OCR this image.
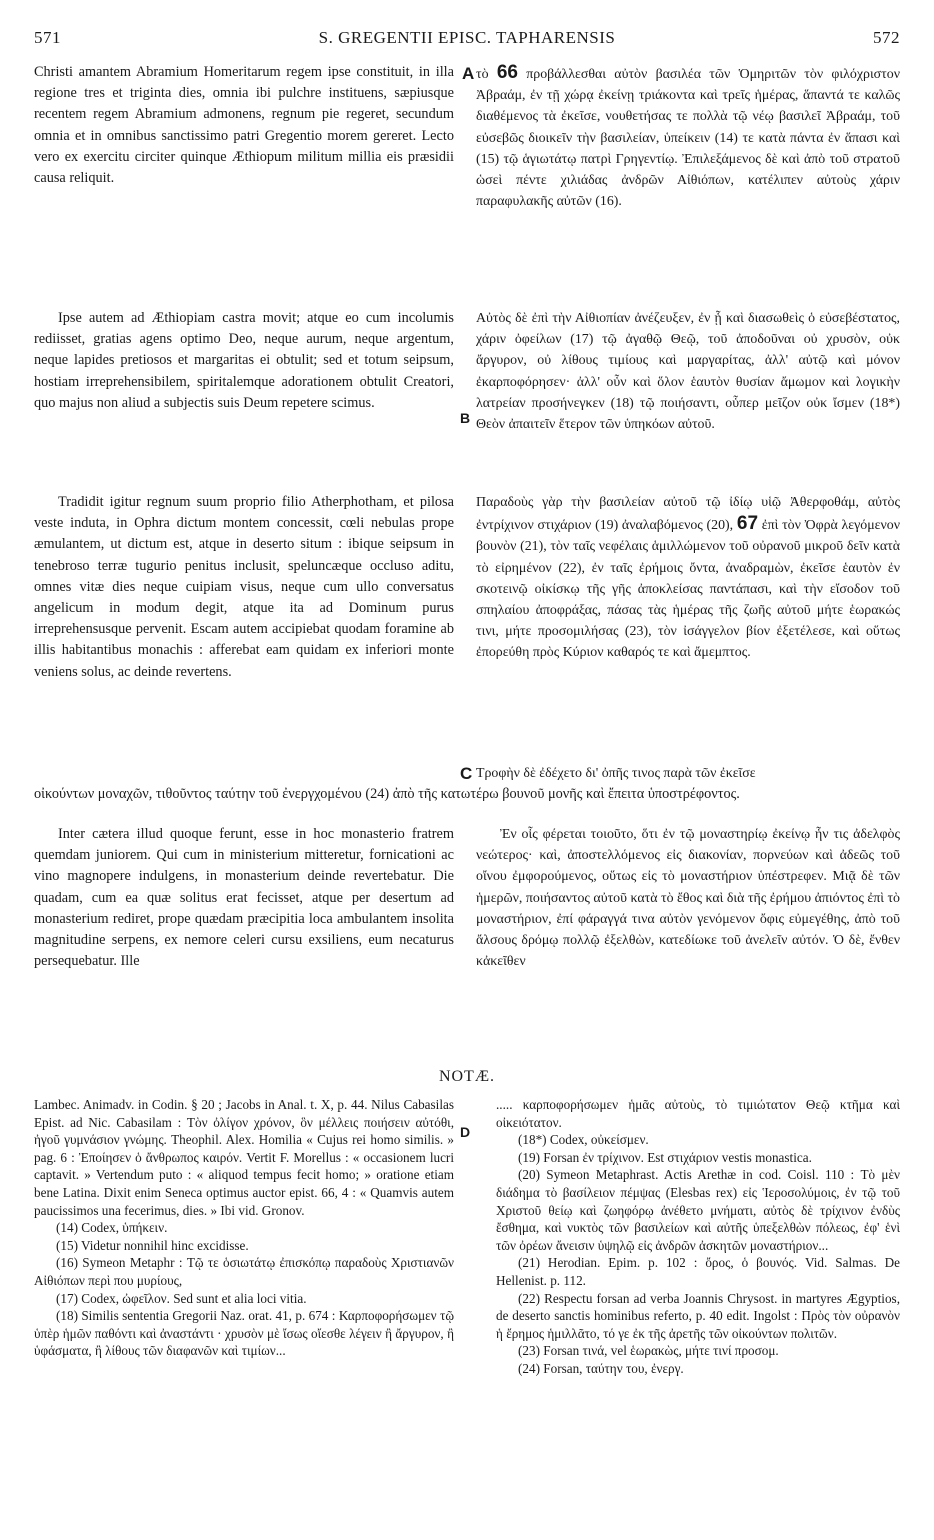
571	S. GREGENTII EPISC. TAPHARENSIS	572

Christi amantem Abramium Homeritarum regem ipse constituit, in illa regione tres et triginta dies, omnia ibi pulchre instituens, sæpiusque recentem regem Abramium admonens, regnum pie regeret, secundum omnia et in omnibus sanctissimo patri Gregentio morem gereret. Lecto vero ex exercitu circiter quinque Æthiopum militum millia eis præsidii causa reliquit.

Ipse autem ad Æthiopiam castra movit; atque eo cum incolumis rediisset, gratias agens optimo Deo, neque aurum, neque argentum, neque lapides pretiosos et margaritas ei obtulit; sed et totum seipsum, hostiam irreprehensibilem, spiritalemque adorationem obtulit Creatori, quo majus non aliud a subjectis suis Deum repetere scimus.

Tradidit igitur regnum suum proprio filio Atherphotham, et pilosa veste induta, in Ophra dictum montem concessit, cœli nebulas prope æmulantem, ut dictum est, atque in deserto situm : ibique seipsum in tenebroso terræ tugurio penitus inclusit, speluncæque occluso aditu, omnes vitæ dies neque cuipiam visus, neque cum ullo conversatus angelicum in modum degit, atque ita ad Dominum purus irreprehensusque pervenit. Escam autem accipiebat quodam foramine ab illis habitantibus monachis : afferebat eam quidam ex inferiori monte veniens solus, ac deinde revertens.

Inter cætera illud quoque ferunt, esse in hoc monasterio fratrem quemdam juniorem. Qui cum in ministerium mitteretur, fornicationi ac vino magnopere indulgens, in monasterium deinde revertebatur. Die quadam, cum ea quæ solitus erat fecisset, atque per desertum ad monasterium rediret, prope quædam præcipitia loca ambulantem insolita magnitudine serpens, ex nemore celeri cursu exsiliens, eum necaturus persequebatur. Ille

A
B
C
D

τὸ 66 προβάλλεσθαι αὐτὸν βασιλέα τῶν Ὁμηριτῶν τὸν φιλόχριστον Ἀβραάμ, ἐν τῇ χώρᾳ ἐκείνῃ τριάκοντα καὶ τρεῖς ἡμέρας, ἅπαντά τε καλῶς διαθέμενος τὰ ἐκεῖσε, νουθετήσας τε πολλὰ τῷ νέῳ βασιλεῖ Ἀβραάμ, τοῦ εὐσεβῶς διοικεῖν τὴν βασιλείαν, ὑπείκειν (14) τε κατὰ πάντα ἐν ἅπασι καὶ (15) τῷ ἁγιωτάτῳ πατρὶ Γρηγεντίῳ. Ἐπιλεξάμενος δὲ καὶ ἀπὸ τοῦ στρατοῦ ὡσεὶ πέντε χιλιάδας ἀνδρῶν Αἰθιόπων, κατέλιπεν αὐτοὺς χάριν παραφυλακῆς αὐτῶν (16).

Αὐτὸς δὲ ἐπὶ τὴν Αἰθιοπίαν ἀνέζευξεν, ἐν ᾗ καὶ διασωθεὶς ὁ εὐσεβέστατος, χάριν ὀφείλων (17) τῷ ἀγαθῷ Θεῷ, τοῦ ἀποδοῦναι οὐ χρυσὸν, οὐκ ἄργυρον, οὐ λίθους τιμίους καὶ μαργαρίτας, ἀλλ' αὐτῷ καὶ μόνον ἐκαρποφόρησεν· ἀλλ' οὖν καὶ ὅλον ἑαυτὸν θυσίαν ἄμωμον καὶ λογικὴν λατρείαν προσήνεγκεν (18) τῷ ποιήσαντι, οὗπερ μεῖζον οὐκ ἴσμεν (18*) Θεὸν ἀπαιτεῖν ἕτερον τῶν ὑπηκόων αὐτοῦ.

Παραδοὺς γὰρ τὴν βασιλείαν αὐτοῦ τῷ ἰδίῳ υἱῷ Ἀθερφοθάμ, αὐτὸς ἐντρίχινον στιχάριον (19) ἀναλαβόμενος (20), 67 ἐπὶ τὸν Ὀφρὰ λεγόμενον βουνὸν (21), τὸν ταῖς νεφέλαις ἁμιλλώμενον τοῦ οὐρανοῦ μικροῦ δεῖν κατὰ τὸ εἰρημένον (22), ἐν ταῖς ἐρήμοις ὄντα, ἀναδραμὼν, ἐκεῖσε ἑαυτὸν ἐν σκοτεινῷ οἰκίσκῳ τῆς γῆς ἀποκλείσας παντάπασι, καὶ τὴν εἴσοδον τοῦ σπηλαίου ἀποφράξας, πάσας τὰς ἡμέρας τῆς ζωῆς αὐτοῦ μήτε ἑωρακώς τινι, μήτε προσομιλήσας (23), τὸν ἰσάγγελον βίον ἐξετέλεσε, καὶ οὕτως ἐπορεύθη πρὸς Κύριον καθαρός τε καὶ ἄμεμπτος.

Τροφὴν δὲ ἐδέχετο δι' ὀπῆς τινος παρὰ τῶν ἐκεῖσε

οἰκούντων μοναχῶν, τιθοῦντος ταύτην τοῦ ἐνεργχομένου (24) ἀπὸ τῆς κατωτέρω βουνοῦ μονῆς καὶ ἔπειτα ὑποστρέφοντος.

Ἐν οἷς φέρεται τοιοῦτο, ὅτι ἐν τῷ μοναστηρίῳ ἐκείνῳ ἦν τις ἀδελφὸς νεώτερος· καὶ, ἀποστελλόμενος εἰς διακονίαν, πορνεύων καὶ ἀδεῶς τοῦ οἴνου ἐμφορούμενος, οὕτως εἰς τὸ μοναστήριον ὑπέστρεφεν. Μιᾷ δὲ τῶν ἡμερῶν, ποιήσαντος αὐτοῦ κατὰ τὸ ἔθος καὶ διὰ τῆς ἐρήμου ἀπιόντος ἐπὶ τὸ μοναστήριον, ἐπί φάραγγά τινα αὐτὸν γενόμενον ὄφις εὐμεγέθης, ἀπὸ τοῦ ἄλσους δρόμῳ πολλῷ ἐξελθὼν, κατεδίωκε τοῦ ἀνελεῖν αὐτόν. Ὁ δὲ, ἔνθεν κἀκεῖθεν

NOTÆ.

Lambec. Animadv. in Codin. § 20 ; Jacobs in Anal. t. X, p. 44. Nilus Cabasilas Epist. ad Nic. Cabasilam : Τὸν ὀλίγον χρόνον, ὃν μέλλεις ποιήσειν αὐτόθι, ἠγοῦ γυμνάσιον γνώμης. Theophil. Alex. Homilia « Cujus rei homo similis. » pag. 6 : Ἐποίησεν ὁ ἄνθρωπος καιρόν. Vertit F. Morellus : « occasionem lucri captavit. » Vertendum puto : « aliquod tempus fecit homo; » oratione etiam bene Latina. Dixit enim Seneca optimus auctor epist. 66, 4 : « Quamvis autem paucissimos una fecerimus, dies. » Ibi vid. Gronov.

(14) Codex, ὑπήκειν.

(15) Videtur nonnihil hinc excidisse.

(16) Symeon Metaphr : Τῷ τε ὁσιωτάτῳ ἐπισκόπῳ παραδοὺς Χριστιανῶν Αἰθιόπων περὶ που μυρίους,

(17) Codex, ὠφεῖλον. Sed sunt et alia loci vitia.

(18) Similis sententia Gregorii Naz. orat. 41, p. 674 : Καρποφορήσωμεν τῷ ὑπὲρ ἡμῶν παθόντι καὶ ἀναστάντι · χρυσὸν μὲ ἴσως οἴεσθε λέγειν ἢ ἄργυρον, ἢ ὑφάσματα, ἢ λίθους τῶν διαφανῶν καὶ τιμίων...

..... καρποφορήσωμεν ἡμᾶς αὐτοὺς, τὸ τιμιώτατον Θεῷ κτῆμα καὶ οἰκειότατον.

(18*) Codex, οὐκείσμεν.

(19) Forsan ἐν τρίχινον. Est στιχάριον vestis monastica.

(20) Symeon Metaphrast. Actis Arethæ in cod. Coisl. 110 : Τὸ μὲν διάδημα τὸ βασίλειον πέμψας (Elesbas rex) εἰς Ἱεροσολύμοις, ἐν τῷ τοῦ Χριστοῦ θείῳ καὶ ζωηφόρῳ ἀνέθετο μνήματι, αὐτὸς δὲ τρίχινον ἐνδὺς ἔσθημα, καὶ νυκτὸς τῶν βασιλείων καὶ αὐτῆς ὑπεξελθὼν πόλεως, ἐφ' ἑνὶ τῶν ὀρέων ἄνεισιν ὑψηλῷ εἰς ἀνδρῶν ἀσκητῶν μοναστήριον...

(21) Herodian. Epim. p. 102 : ὄρος, ὁ βουνός. Vid. Salmas. De Hellenist. p. 112.

(22) Respectu forsan ad verba Joannis Chrysost. in martyres Ægyptios, de deserto sanctis hominibus referto, p. 40 edit. Ingolst : Πρὸς τὸν οὐρανὸν ἡ ἔρημος ἡμιλλᾶτο, τό γε ἐκ τῆς ἀρετῆς τῶν οἰκούντων πολιτῶν.

(23) Forsan τινά, vel ἑωρακὼς, μήτε τινί προσομ.

(24) Forsan, ταύτην του, ἐνεργ.
